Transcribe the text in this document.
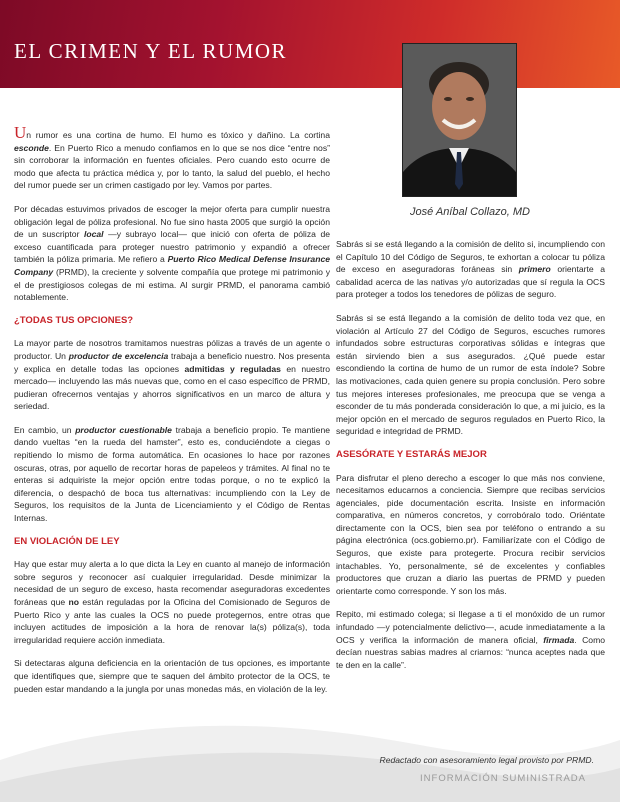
EL CRIMEN Y EL RUMOR
José Aníbal Collazo, MD

Un rumor es una cortina de humo. El humo es tóxico y dañino. La cortina esconde. En Puerto Rico a menudo confiamos en lo que se nos dice “entre nos” sin corroborar la información en fuentes oficiales. Pero cuando esto ocurre de modo que afecta tu práctica médica y, por lo tanto, la salud del pueblo, el hecho del rumor puede ser un crimen castigado por ley. Vamos por partes.

Por décadas estuvimos privados de escoger la mejor oferta para cumplir nuestra obligación legal de póliza profesional. No fue sino hasta 2005 que surgió la opción de un suscriptor local —y subrayo local— que inició con oferta de póliza de exceso cuantificada para proteger nuestro patrimonio y expandió a ofrecer también la póliza primaria. Me refiero a Puerto Rico Medical Defense Insurance Company (PRMD), la creciente y solvente compañía que protege mi patrimonio y el de prestigiosos colegas de mi estima. Al surgir PRMD, el panorama cambió notablemente.

¿TODAS TUS OPCIONES?

La mayor parte de nosotros tramitamos nuestras pólizas a través de un agente o productor. Un productor de excelencia trabaja a beneficio nuestro. Nos presenta y explica en detalle todas las opciones admitidas y reguladas en nuestro mercado— incluyendo las más nuevas que, como en el caso específico de PRMD, pudieran ofrecernos ventajas y ahorros significativos en un marco de altura y seriedad.

En cambio, un productor cuestionable trabaja a beneficio propio. Te mantiene dando vueltas “en la rueda del hamster”, esto es, conduciéndote a ciegas o repitiendo lo mismo de forma automática. En ocasiones lo hace por razones oscuras, otras, por aquello de recortar horas de papeleos y trámites. Al final no te enteras si adquiriste la mejor opción entre todas porque, o no te explicó la diferencia, o despachó de boca tus alternativas: incumpliendo con la Ley de Seguros, los requisitos de la Junta de Licenciamiento y el Código de Rentas Internas.

EN VIOLACIÓN DE LEY

Hay que estar muy alerta a lo que dicta la Ley en cuanto al manejo de información sobre seguros y reconocer así cualquier irregularidad. Desde minimizar la necesidad de un seguro de exceso, hasta recomendar aseguradoras excedentes foráneas que no están reguladas por la Oficina del Comisionado de Seguros de Puerto Rico y ante las cuales la OCS no puede protegernos, entre otras que incluyen actitudes de imposición a la hora de renovar la(s) póliza(s), toda irregularidad requiere acción inmediata.

Si detectaras alguna deficiencia en la orientación de tus opciones, es importante que identifiques que, siempre que te saquen del ámbito protector de la OCS, te pueden estar mandando a la jungla por unas monedas más, en violación de la ley.

Sabrás si se está llegando a la comisión de delito si, incumpliendo con el Capítulo 10 del Código de Seguros, te exhortan a colocar tu póliza de exceso en aseguradoras foráneas sin primero orientarte a cabalidad acerca de las nativas y/o autorizadas que sí regula la OCS para proteger a todos los tenedores de pólizas de seguro.

Sabrás si se está llegando a la comisión de delito toda vez que, en violación al Artículo 27 del Código de Seguros, escuches rumores infundados sobre estructuras corporativas sólidas e íntegras que están sirviendo bien a sus asegurados. ¿Qué puede estar escondiendo la cortina de humo de un rumor de esta índole? Sobre las motivaciones, cada quien genere su propia conclusión. Pero sobre tus mejores intereses profesionales, me preocupa que se venga a esconder de tu más ponderada consideración lo que, a mi juicio, es la mejor opción en el mercado de seguros regulados en Puerto Rico, la seguridad e integridad de PRMD.

ASESÓRATE Y ESTARÁS MEJOR

Para disfrutar el pleno derecho a escoger lo que más nos conviene, necesitamos educarnos a conciencia. Siempre que recibas servicios agenciales, pide documentación escrita. Insiste en información comparativa, en números concretos, y corrobóralo todo. Oriéntate directamente con la OCS, bien sea por teléfono o entrando a su página electrónica (ocs.gobierno.pr). Familiarízate con el Código de Seguros, que existe para protegerte. Procura recibir servicios intachables. Yo, personalmente, sé de excelentes y confiables productores que cruzan a diario las puertas de PRMD y pueden orientarte como corresponde. Y son los más.

Repito, mi estimado colega; si llegase a ti el monóxido de un rumor infundado —y potencialmente delictivo—, acude inmediatamente a la OCS y verifica la información de manera oficial, firmada. Como decían nuestras sabias madres al criarnos: “nunca aceptes nada que te den en la calle”.

Redactado con asesoramiento legal provisto por PRMD.
INFORMACIÓN SUMINISTRADA
